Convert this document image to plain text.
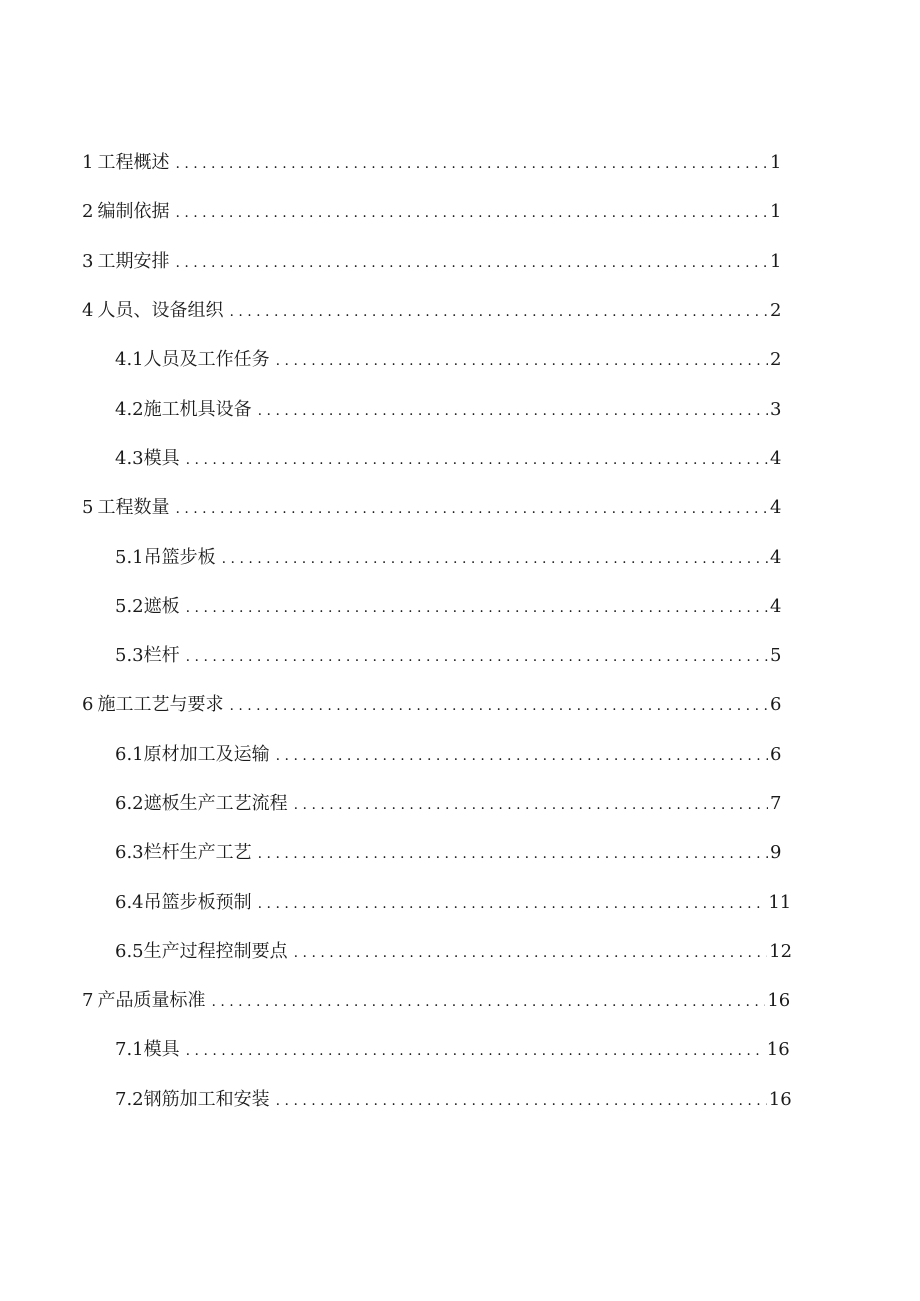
1 工程概述 . . .	1
2 编制依据 . . .	1
3 工期安排 . . .	1
4 人员、设备组织 . . .	2
4.1 人员及工作任务 . . .	2
4.2 施工机具设备 . . .	3
4.3 模具 . . .	4
5 工程数量 . . .	4
5.1 吊篮步板 . . .	4
5.2 遮板 . . .	4
5.3 栏杆 . . .	5
6 施工工艺与要求 . . .	6
6.1 原材加工及运输 . . .	6
6.2 遮板生产工艺流程 . . .	7
6.3 栏杆生产工艺 . . .	9
6.4 吊篮步板预制 . . .	11
6.5 生产过程控制要点 . . .	12
7 产品质量标准 . . .	16
7.1 模具 . . .	16
7.2 钢筋加工和安装 . . .	16
